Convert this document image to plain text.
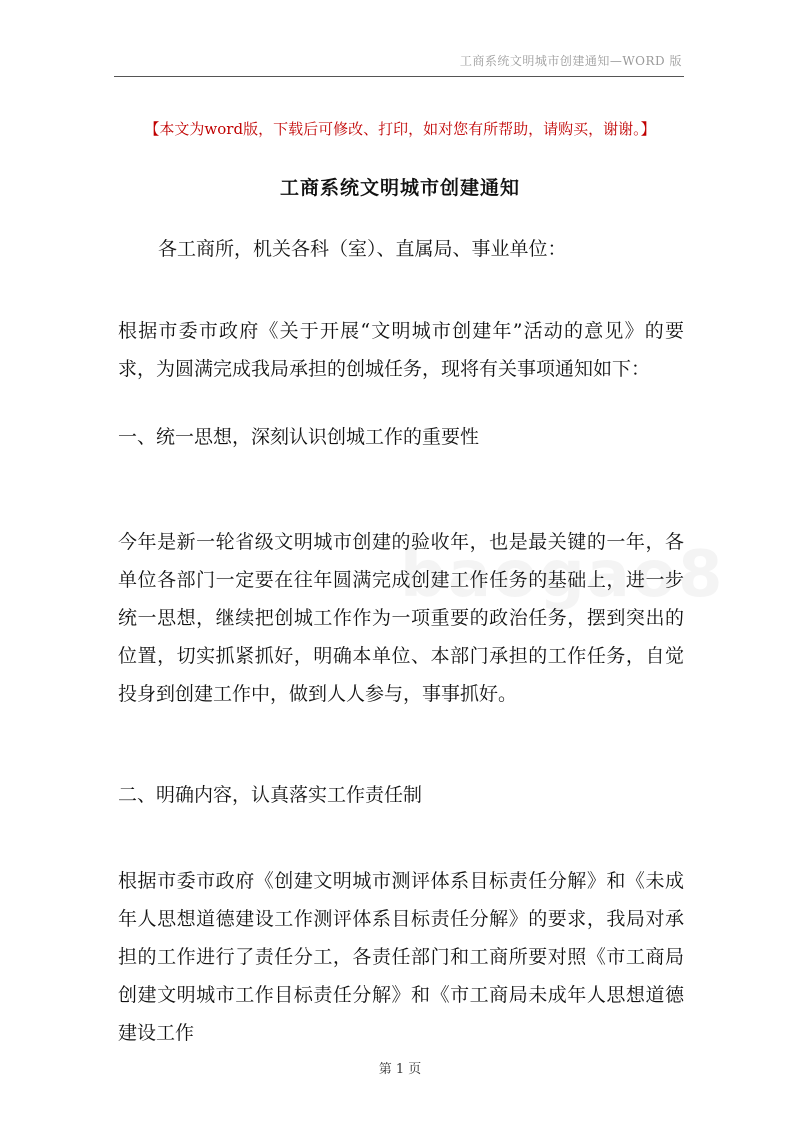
工商系统文明城市创建通知—WORD 版
【本文为word版，下载后可修改、打印，如对您有所帮助，请购买，谢谢。】
工商系统文明城市创建通知
各工商所，机关各科（室）、直属局、事业单位：
根据市委市政府《关于开展“文明城市创建年”活动的意见》的要求，为圆满完成我局承担的创城任务，现将有关事项通知如下：
一、统一思想，深刻认识创城工作的重要性
今年是新一轮省级文明城市创建的验收年，也是最关键的一年，各单位各部门一定要在往年圆满完成创建工作任务的基础上，进一步统一思想，继续把创城工作作为一项重要的政治任务，摆到突出的位置，切实抓紧抓好，明确本单位、本部门承担的工作任务，自觉投身到创建工作中，做到人人参与，事事抓好。
二、明确内容，认真落实工作责任制
根据市委市政府《创建文明城市测评体系目标责任分解》和《未成年人思想道德建设工作测评体系目标责任分解》的要求，我局对承担的工作进行了责任分工，各责任部门和工商所要对照《市工商局创建文明城市工作目标责任分解》和《市工商局未成年人思想道德建设工作
第 1 页
